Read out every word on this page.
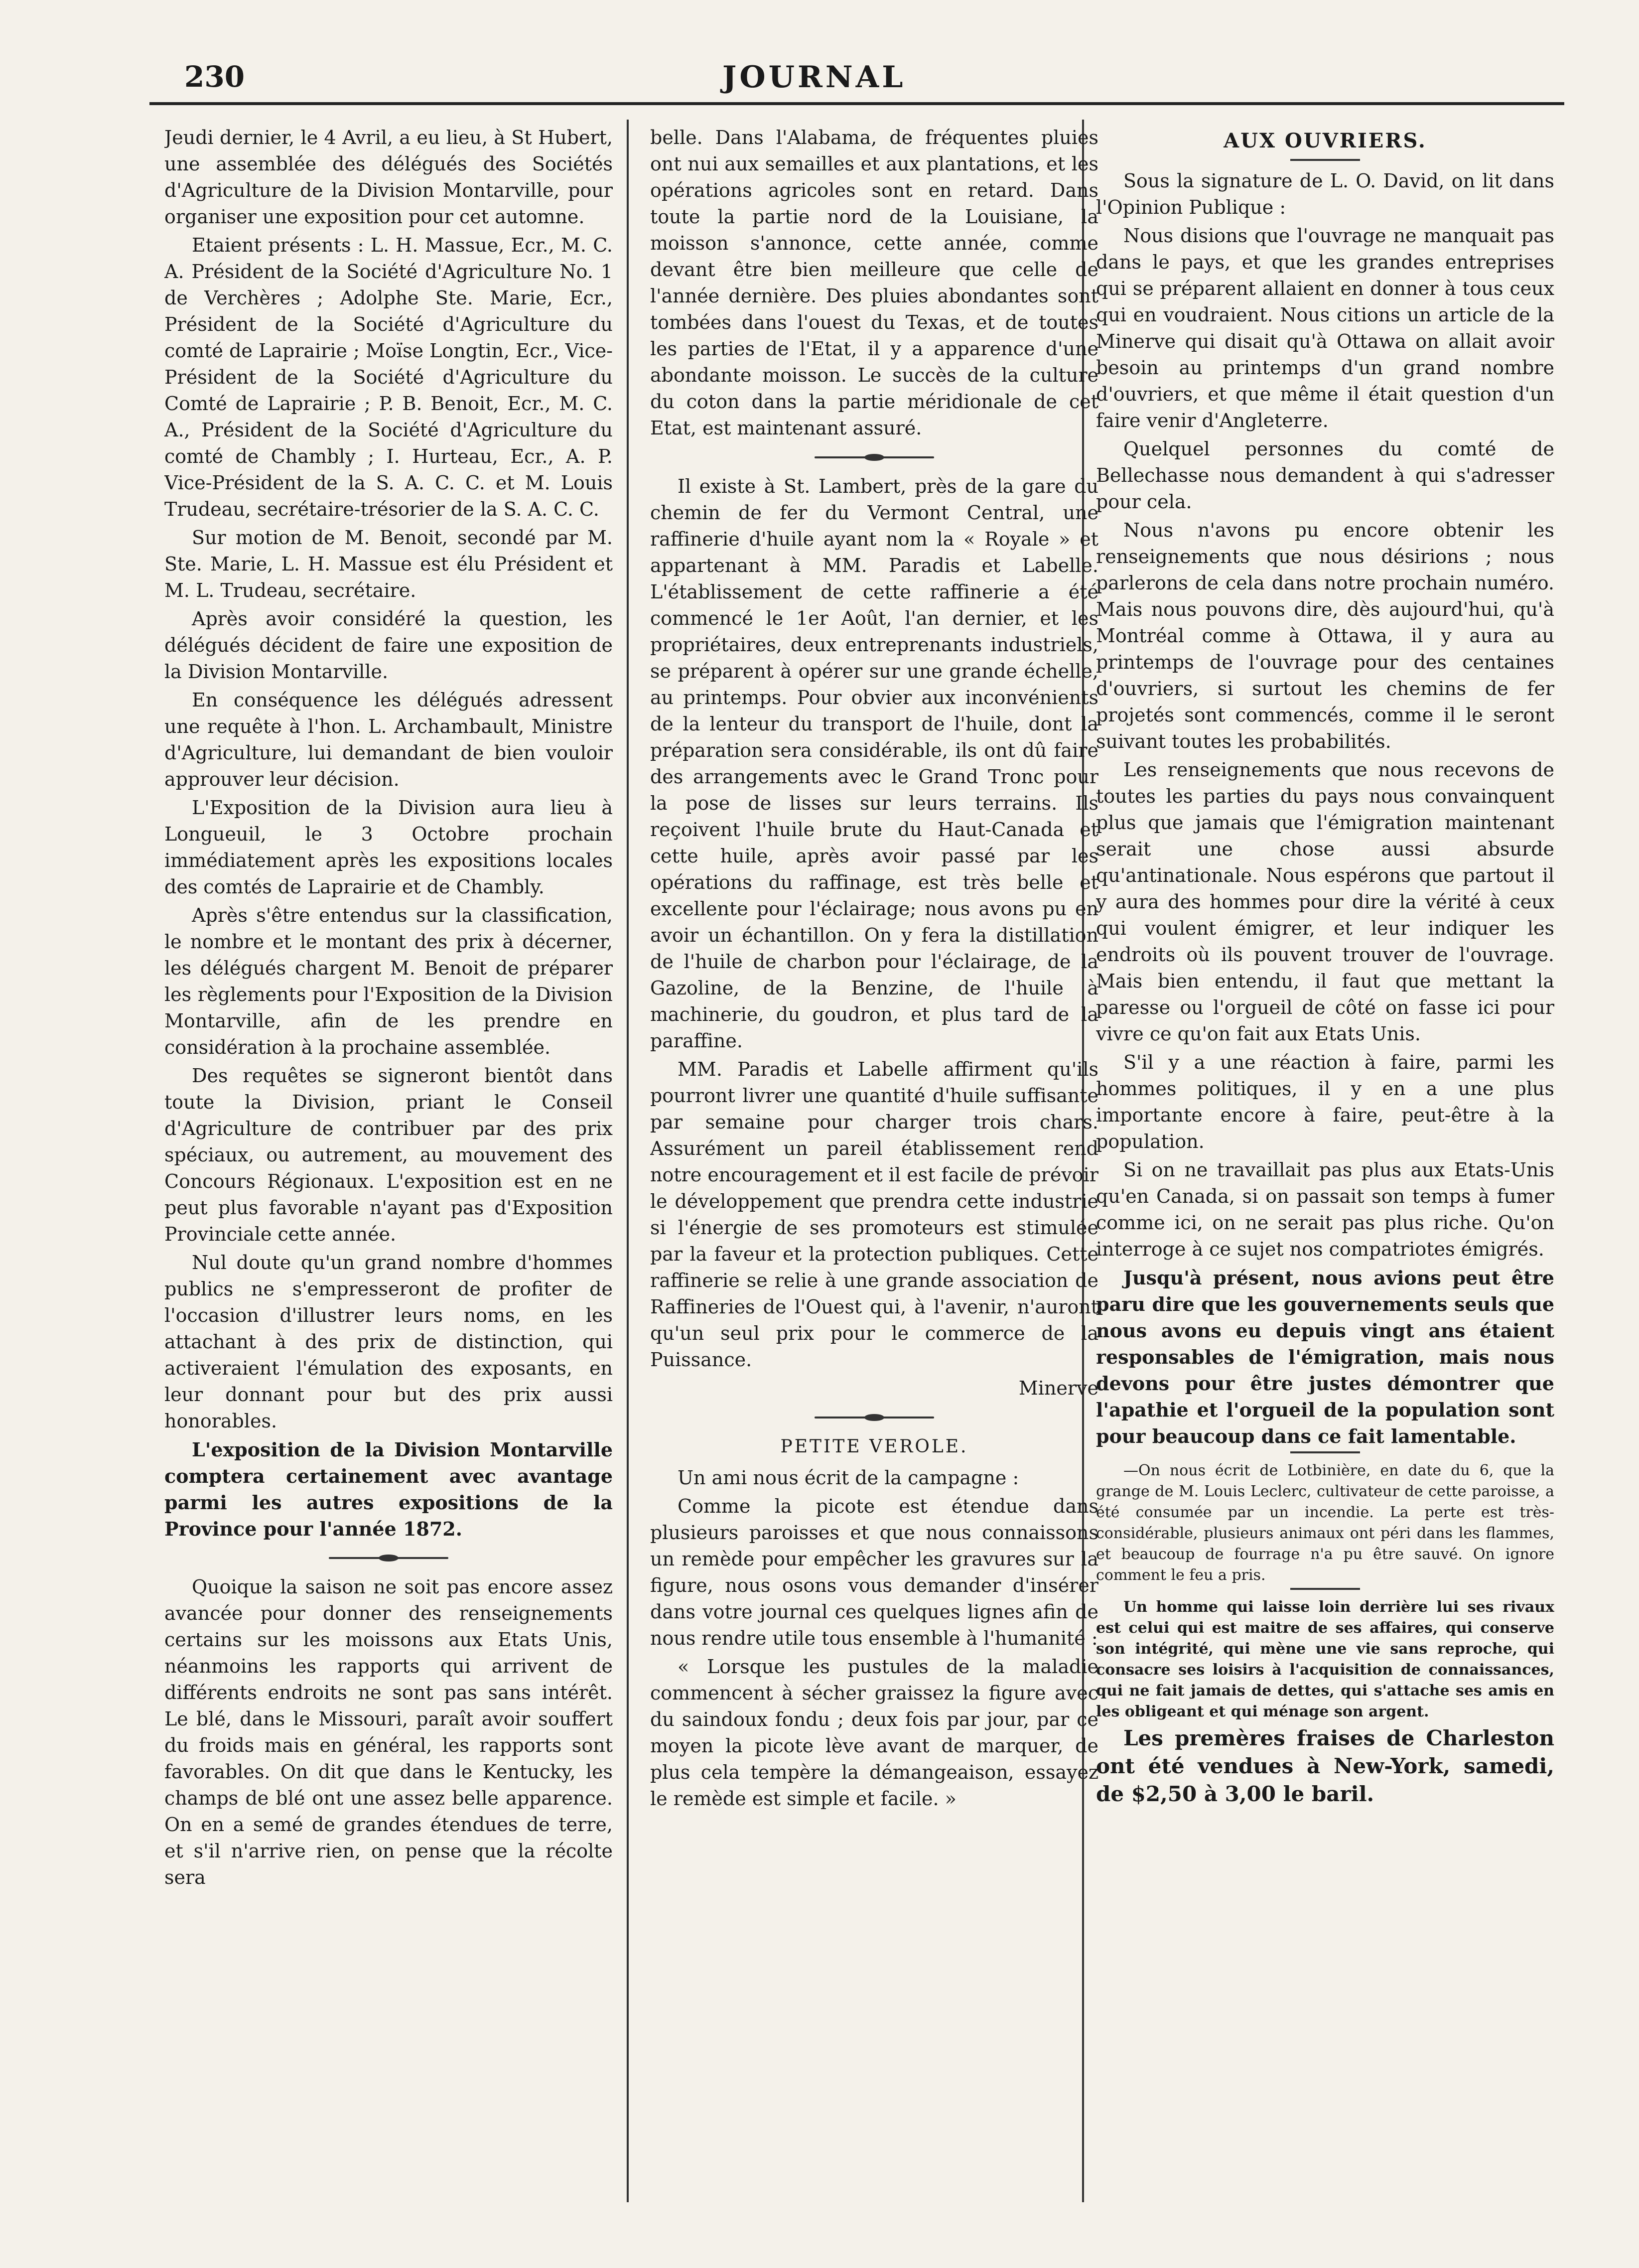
230	JOURNAL

Jeudi dernier, le 4 Avril, a eu lieu, à St Hubert, une assemblée des délégués des Sociétés d'Agriculture de la Division Montarville, pour organiser une exposition pour cet automne.

Etaient présents : L. H. Massue, Ecr., M. C. A. Président de la Société d'Agriculture No. 1 de Verchères ; Adolphe Ste. Marie, Ecr., Président de la Société d'Agriculture du comté de Laprairie ; Moïse Longtin, Ecr., Vice-Président de la Société d'Agriculture du Comté de Laprairie ; P. B. Benoit, Ecr., M. C. A., Président de la Société d'Agriculture du comté de Chambly ; I. Hurteau, Ecr., A. P. Vice-Président de la S. A. C. C. et M. Louis Trudeau, secrétaire-trésorier de la S. A. C. C.

Sur motion de M. Benoit, secondé par M. Ste. Marie, L. H. Massue est élu Président et M. L. Trudeau, secrétaire.

Après avoir considéré la question, les délégués décident de faire une exposition de la Division Montarville.

En conséquence les délégués adressent une requête à l'hon. L. Archambault, Ministre d'Agriculture, lui demandant de bien vouloir approuver leur décision.

L'Exposition de la Division aura lieu à Longueuil, le 3 Octobre prochain immédiatement après les expositions locales des comtés de Laprairie et de Chambly.

Après s'être entendus sur la classification, le nombre et le montant des prix à décerner, les délégués chargent M. Benoit de préparer les règlements pour l'Exposition de la Division Montarville, afin de les prendre en considération à la prochaine assemblée.

Des requêtes se signeront bientôt dans toute la Division, priant le Conseil d'Agriculture de contribuer par des prix spéciaux, ou autrement, au mouvement des Concours Régionaux. L'exposition est en ne peut plus favorable n'ayant pas d'Exposition Provinciale cette année.

Nul doute qu'un grand nombre d'hommes publics ne s'empresseront de profiter de l'occasion d'illustrer leurs noms, en les attachant à des prix de distinction, qui activeraient l'émulation des exposants, en leur donnant pour but des prix aussi honorables.

L'exposition de la Division Montarville comptera certainement avec avantage parmi les autres expositions de la Province pour l'année 1872.

Quoique la saison ne soit pas encore assez avancée pour donner des renseignements certains sur les moissons aux Etats Unis, néanmoins les rapports qui arrivent de différents endroits ne sont pas sans intérêt. Le blé, dans le Missouri, paraît avoir souffert du froids mais en général, les rapports sont favorables. On dit que dans le Kentucky, les champs de blé ont une assez belle apparence. On en a semé de grandes étendues de terre, et s'il n'arrive rien, on pense que la récolte sera

belle. Dans l'Alabama, de fréquentes pluies ont nui aux semailles et aux plantations, et les opérations agricoles sont en retard. Dans toute la partie nord de la Louisiane, la moisson s'annonce, cette année, comme devant être bien meilleure que celle de l'année dernière. Des pluies abondantes sont tombées dans l'ouest du Texas, et de toutes les parties de l'Etat, il y a apparence d'une abondante moisson. Le succès de la culture du coton dans la partie méridionale de cet Etat, est maintenant assuré.

Il existe à St. Lambert, près de la gare du chemin de fer du Vermont Central, une raffinerie d'huile ayant nom la « Royale » et appartenant à MM. Paradis et Labelle. L'établissement de cette raffinerie a été commencé le 1er Août, l'an dernier, et les propriétaires, deux entreprenants industriels, se préparent à opérer sur une grande échelle, au printemps. Pour obvier aux inconvénients de la lenteur du transport de l'huile, dont la préparation sera considérable, ils ont dû faire des arrangements avec le Grand Tronc pour la pose de lisses sur leurs terrains. Ils reçoivent l'huile brute du Haut-Canada et cette huile, après avoir passé par les opérations du raffinage, est très belle et excellente pour l'éclairage; nous avons pu en avoir un échantillon. On y fera la distillation de l'huile de charbon pour l'éclairage, de la Gazoline, de la Benzine, de l'huile à machinerie, du goudron, et plus tard de la paraffine.

MM. Paradis et Labelle affirment qu'ils pourront livrer une quantité d'huile suffisante par semaine pour charger trois chars. Assurément un pareil établissement rend notre encouragement et il est facile de prévoir le développement que prendra cette industrie si l'énergie de ses promoteurs est stimulée par la faveur et la protection publiques. Cette raffinerie se relie à une grande association de Raffineries de l'Ouest qui, à l'avenir, n'auront qu'un seul prix pour le commerce de la Puissance.

Minerve

PETITE VEROLE.

Un ami nous écrit de la campagne :

Comme la picote est étendue dans plusieurs paroisses et que nous connaissons un remède pour empêcher les gravures sur la figure, nous osons vous demander d'insérer dans votre journal ces quelques lignes afin de nous rendre utile tous ensemble à l'humanité :

« Lorsque les pustules de la maladie commencent à sécher graissez la figure avec du saindoux fondu ; deux fois par jour, par ce moyen la picote lève avant de marquer, de plus cela tempère la démangeaison, essayez le remède est simple et facile. »

AUX OUVRIERS.

Sous la signature de L. O. David, on lit dans l'Opinion Publique :

Nous disions que l'ouvrage ne manquait pas dans le pays, et que les grandes entreprises qui se préparent allaient en donner à tous ceux qui en voudraient. Nous citions un article de la Minerve qui disait qu'à Ottawa on allait avoir besoin au printemps d'un grand nombre d'ouvriers, et que même il était question d'un faire venir d'Angleterre.

Quelquel personnes du comté de Bellechasse nous demandent à qui s'adresser pour cela.

Nous n'avons pu encore obtenir les renseignements que nous désirions ; nous parlerons de cela dans notre prochain numéro. Mais nous pouvons dire, dès aujourd'hui, qu'à Montréal comme à Ottawa, il y aura au printemps de l'ouvrage pour des centaines d'ouvriers, si surtout les chemins de fer projetés sont commencés, comme il le seront suivant toutes les probabilités.

Les renseignements que nous recevons de toutes les parties du pays nous convainquent plus que jamais que l'émigration maintenant serait une chose aussi absurde qu'antinationale. Nous espérons que partout il y aura des hommes pour dire la vérité à ceux qui voulent émigrer, et leur indiquer les endroits où ils pouvent trouver de l'ouvrage. Mais bien entendu, il faut que mettant la paresse ou l'orgueil de côté on fasse ici pour vivre ce qu'on fait aux Etats Unis.

S'il y a une réaction à faire, parmi les hommes politiques, il y en a une plus importante encore à faire, peut-être à la population.

Si on ne travaillait pas plus aux Etats-Unis qu'en Canada, si on passait son temps à fumer comme ici, on ne serait pas plus riche. Qu'on interroge à ce sujet nos compatriotes émigrés.

Jusqu'à présent, nous avions peut être paru dire que les gouvernements seuls que nous avons eu depuis vingt ans étaient responsables de l'émigration, mais nous devons pour être justes démontrer que l'apathie et l'orgueil de la population sont pour beaucoup dans ce fait lamentable.

—On nous écrit de Lotbinière, en date du 6, que la grange de M. Louis Leclerc, cultivateur de cette paroisse, a été consumée par un incendie. La perte est très-considérable, plusieurs animaux ont péri dans les flammes, et beaucoup de fourrage n'a pu être sauvé. On ignore comment le feu a pris.

Un homme qui laisse loin derrière lui ses rivaux est celui qui est maitre de ses affaires, qui conserve son intégrité, qui mène une vie sans reproche, qui consacre ses loisirs à l'acquisition de connaissances, qui ne fait jamais de dettes, qui s'attache ses amis en les obligeant et qui ménage son argent.

Les premères fraises de Charleston ont été vendues à New-York, samedi, de $2,50 à 3,00 le baril.
